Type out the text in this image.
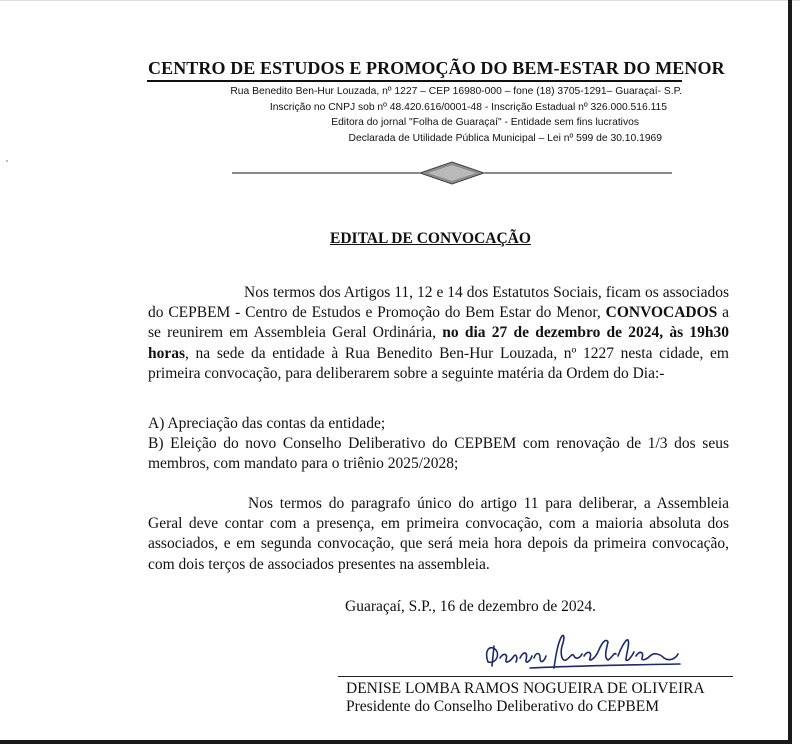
CENTRO DE ESTUDOS E PROMOÇÃO DO BEM-ESTAR DO MENOR
Rua Benedito Ben-Hur Louzada, nº 1227 – CEP 16980-000 – fone (18) 3705-1291– Guaraçaí- S.P.
Inscrição no CNPJ sob nº 48.420.616/0001-48 - Inscrição Estadual nº 326.000.516.115
Editora do jornal "Folha de Guaraçaí" - Entidade sem fins lucrativos
Declarada de Utilidade Pública Municipal – Lei nº 599 de 30.10.1969
EDITAL DE CONVOCAÇÃO
Nos termos dos Artigos 11, 12 e 14 dos Estatutos Sociais, ficam os associados do CEPBEM - Centro de Estudos e Promoção do Bem Estar do Menor, CONVOCADOS a se reunirem em Assembleia Geral Ordinária, no dia 27 de dezembro de 2024, às 19h30 horas, na sede da entidade à Rua Benedito Ben-Hur Louzada, nº 1227 nesta cidade, em primeira convocação, para deliberarem sobre a seguinte matéria da Ordem do Dia:-
A) Apreciação das contas da entidade;
B) Eleição do novo Conselho Deliberativo do CEPBEM com renovação de 1/3 dos seus membros, com mandato para o triênio 2025/2028;
Nos termos do paragrafo único do artigo 11 para deliberar, a Assembleia Geral deve contar com a presença, em primeira convocação, com a maioria absoluta dos associados, e em segunda convocação, que será meia hora depois da primeira convocação, com dois terços de associados presentes na assembleia.
Guaraçaí, S.P., 16 de dezembro de 2024.
DENISE LOMBA RAMOS NOGUEIRA DE OLIVEIRA
Presidente do Conselho Deliberativo do CEPBEM
